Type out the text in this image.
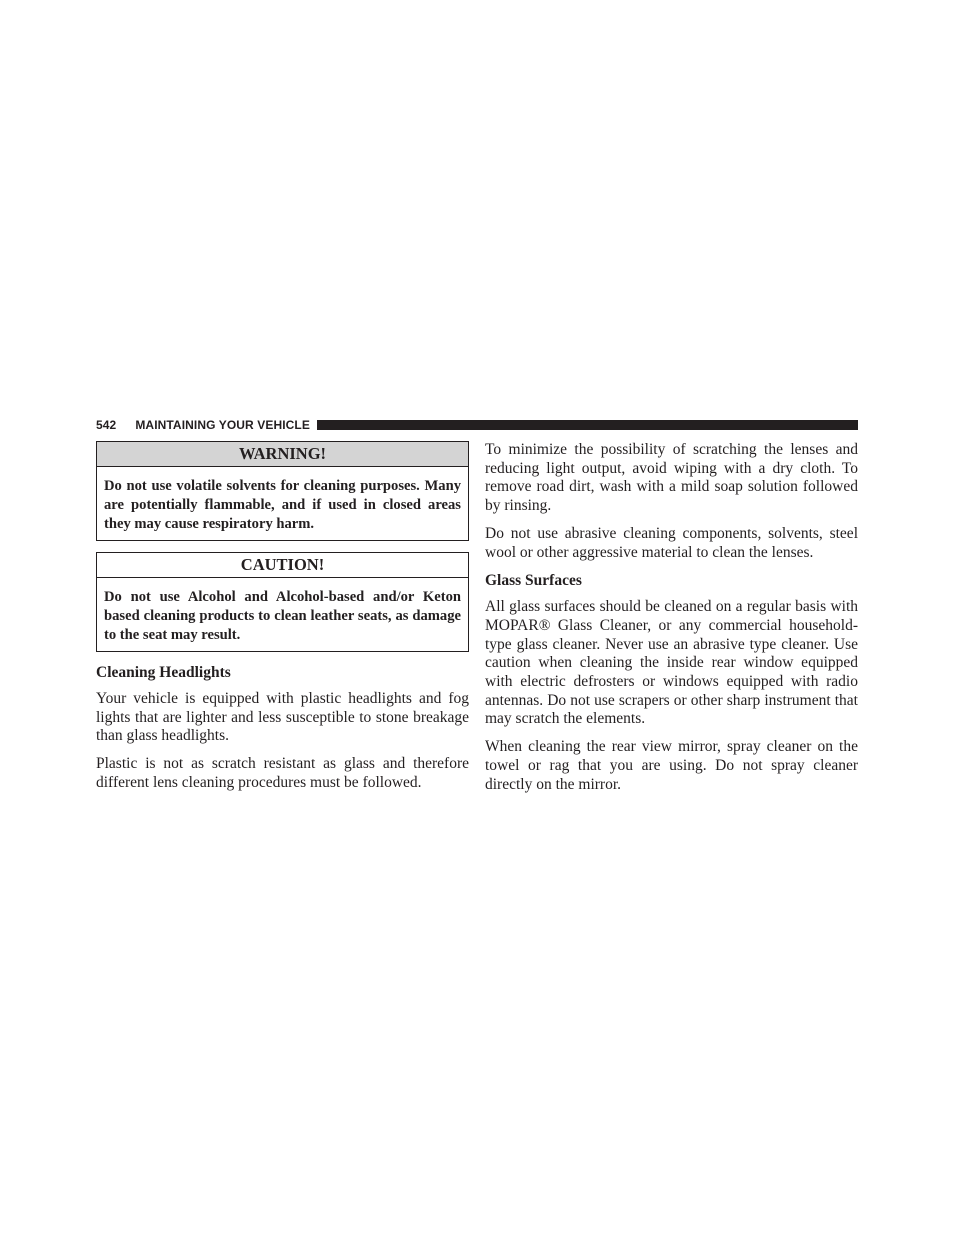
542	MAINTAINING YOUR VEHICLE
WARNING!
Do not use volatile solvents for cleaning purposes. Many are potentially flammable, and if used in closed areas they may cause respiratory harm.
CAUTION!
Do not use Alcohol and Alcohol-based and/or Keton based cleaning products to clean leather seats, as damage to the seat may result.
Cleaning Headlights

Your vehicle is equipped with plastic headlights and fog lights that are lighter and less susceptible to stone breakage than glass headlights.

Plastic is not as scratch resistant as glass and therefore different lens cleaning procedures must be followed.

To minimize the possibility of scratching the lenses and reducing light output, avoid wiping with a dry cloth. To remove road dirt, wash with a mild soap solution followed by rinsing.

Do not use abrasive cleaning components, solvents, steel wool or other aggressive material to clean the lenses.

Glass Surfaces

All glass surfaces should be cleaned on a regular basis with MOPAR® Glass Cleaner, or any commercial household-type glass cleaner. Never use an abrasive type cleaner. Use caution when cleaning the inside rear window equipped with electric defrosters or windows equipped with radio antennas. Do not use scrapers or other sharp instrument that may scratch the elements.

When cleaning the rear view mirror, spray cleaner on the towel or rag that you are using. Do not spray cleaner directly on the mirror.
